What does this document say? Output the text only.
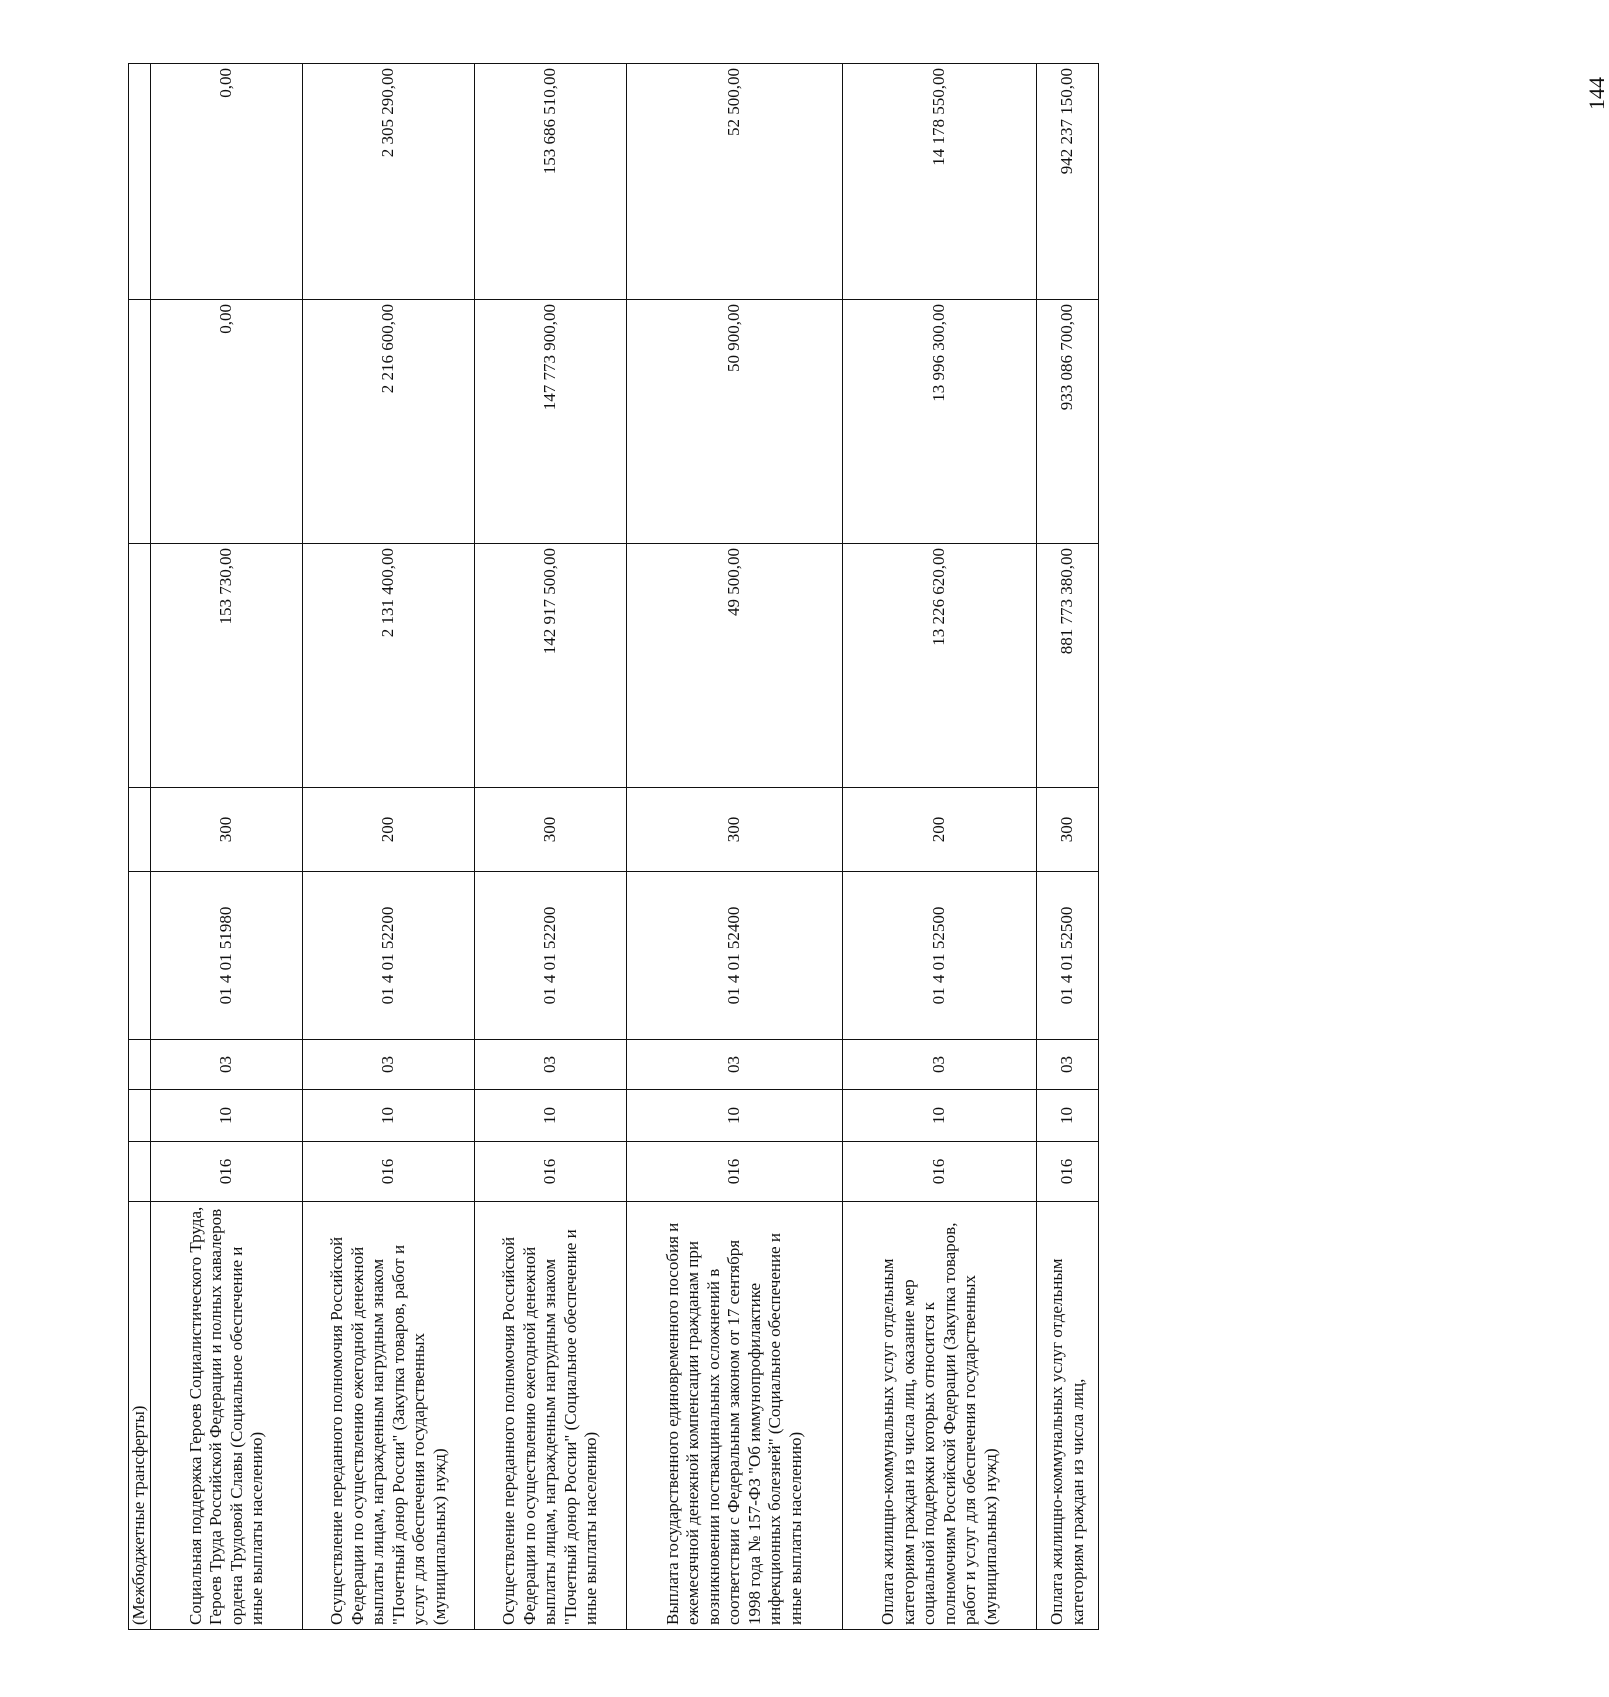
144
(Межбюджетные трансферты)								
Социальная поддержка Героев Социалистического Труда, Героев Труда Российской Федерации и полных кавалеров ордена Трудовой Славы (Социальное обеспечение и иные выплаты населению)	016	10	03	01 4 01 51980	300	153 730,00	0,00	0,00
Осуществление переданного полномочия Российской Федерации по осуществлению ежегодной денежной выплаты лицам, награжденным нагрудным знаком "Почетный донор России" (Закупка товаров, работ и услуг для обеспечения государственных (муниципальных) нужд)	016	10	03	01 4 01 52200	200	2 131 400,00	2 216 600,00	2 305 290,00
Осуществление переданного полномочия Российской Федерации по осуществлению ежегодной денежной выплаты лицам, награжденным нагрудным знаком "Почетный донор России" (Социальное обеспечение и иные выплаты населению)	016	10	03	01 4 01 52200	300	142 917 500,00	147 773 900,00	153 686 510,00
Выплата государственного единовременного пособия и ежемесячной денежной компенсации гражданам при возникновении поствакцинальных осложнений в соответствии с Федеральным законом от 17 сентября 1998 года № 157-ФЗ "Об иммунопрофилактике инфекционных болезней" (Социальное обеспечение и иные выплаты населению)	016	10	03	01 4 01 52400	300	49 500,00	50 900,00	52 500,00
Оплата жилищно-коммунальных услуг отдельным категориям граждан из числа лиц, оказание мер социальной поддержки которых относится к полномочиям Российской Федерации (Закупка товаров, работ и услуг для обеспечения государственных (муниципальных) нужд)	016	10	03	01 4 01 52500	200	13 226 620,00	13 996 300,00	14 178 550,00
Оплата жилищно-коммунальных услуг отдельным категориям граждан из числа лиц,	016	10	03	01 4 01 52500	300	881 773 380,00	933 086 700,00	942 237 150,00
